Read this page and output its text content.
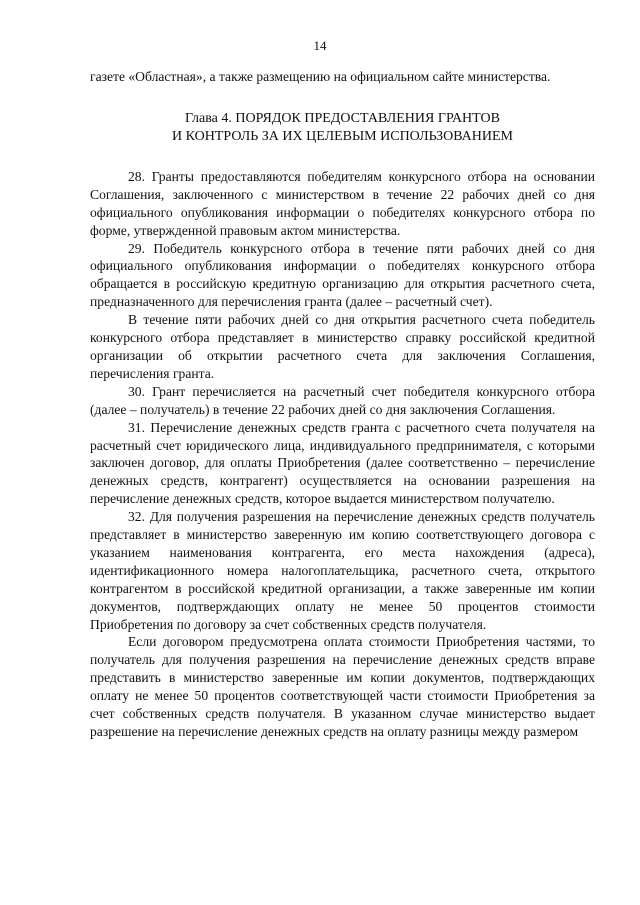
14

газете «Областная», а также размещению на официальном сайте министерства.

Глава 4. ПОРЯДОК ПРЕДОСТАВЛЕНИЯ ГРАНТОВ
И КОНТРОЛЬ ЗА ИХ ЦЕЛЕВЫМ ИСПОЛЬЗОВАНИЕМ

28. Гранты предоставляются победителям конкурсного отбора на основании Соглашения, заключенного с министерством в течение 22 рабочих дней со дня официального опубликования информации о победителях конкурсного отбора по форме, утвержденной правовым актом министерства.

29. Победитель конкурсного отбора в течение пяти рабочих дней со дня официального опубликования информации о победителях конкурсного отбора обращается в российскую кредитную организацию для открытия расчетного счета, предназначенного для перечисления гранта (далее – расчетный счет).

В течение пяти рабочих дней со дня открытия расчетного счета победитель конкурсного отбора представляет в министерство справку российской кредитной организации об открытии расчетного счета для заключения Соглашения, перечисления гранта.

30. Грант перечисляется на расчетный счет победителя конкурсного отбора (далее – получатель) в течение 22 рабочих дней со дня заключения Соглашения.

31. Перечисление денежных средств гранта с расчетного счета получателя на расчетный счет юридического лица, индивидуального предпринимателя, с которыми заключен договор, для оплаты Приобретения (далее соответственно – перечисление денежных средств, контрагент) осуществляется на основании разрешения на перечисление денежных средств, которое выдается министерством получателю.

32. Для получения разрешения на перечисление денежных средств получатель представляет в министерство заверенную им копию соответствующего договора с указанием наименования контрагента, его места нахождения (адреса), идентификационного номера налогоплательщика, расчетного счета, открытого контрагентом в российской кредитной организации, а также заверенные им копии документов, подтверждающих оплату не менее 50 процентов стоимости Приобретения по договору за счет собственных средств получателя.

Если договором предусмотрена оплата стоимости Приобретения частями, то получатель для получения разрешения на перечисление денежных средств вправе представить в министерство заверенные им копии документов, подтверждающих оплату не менее 50 процентов соответствующей части стоимости Приобретения за счет собственных средств получателя. В указанном случае министерство выдает разрешение на перечисление денежных средств на оплату разницы между размером
